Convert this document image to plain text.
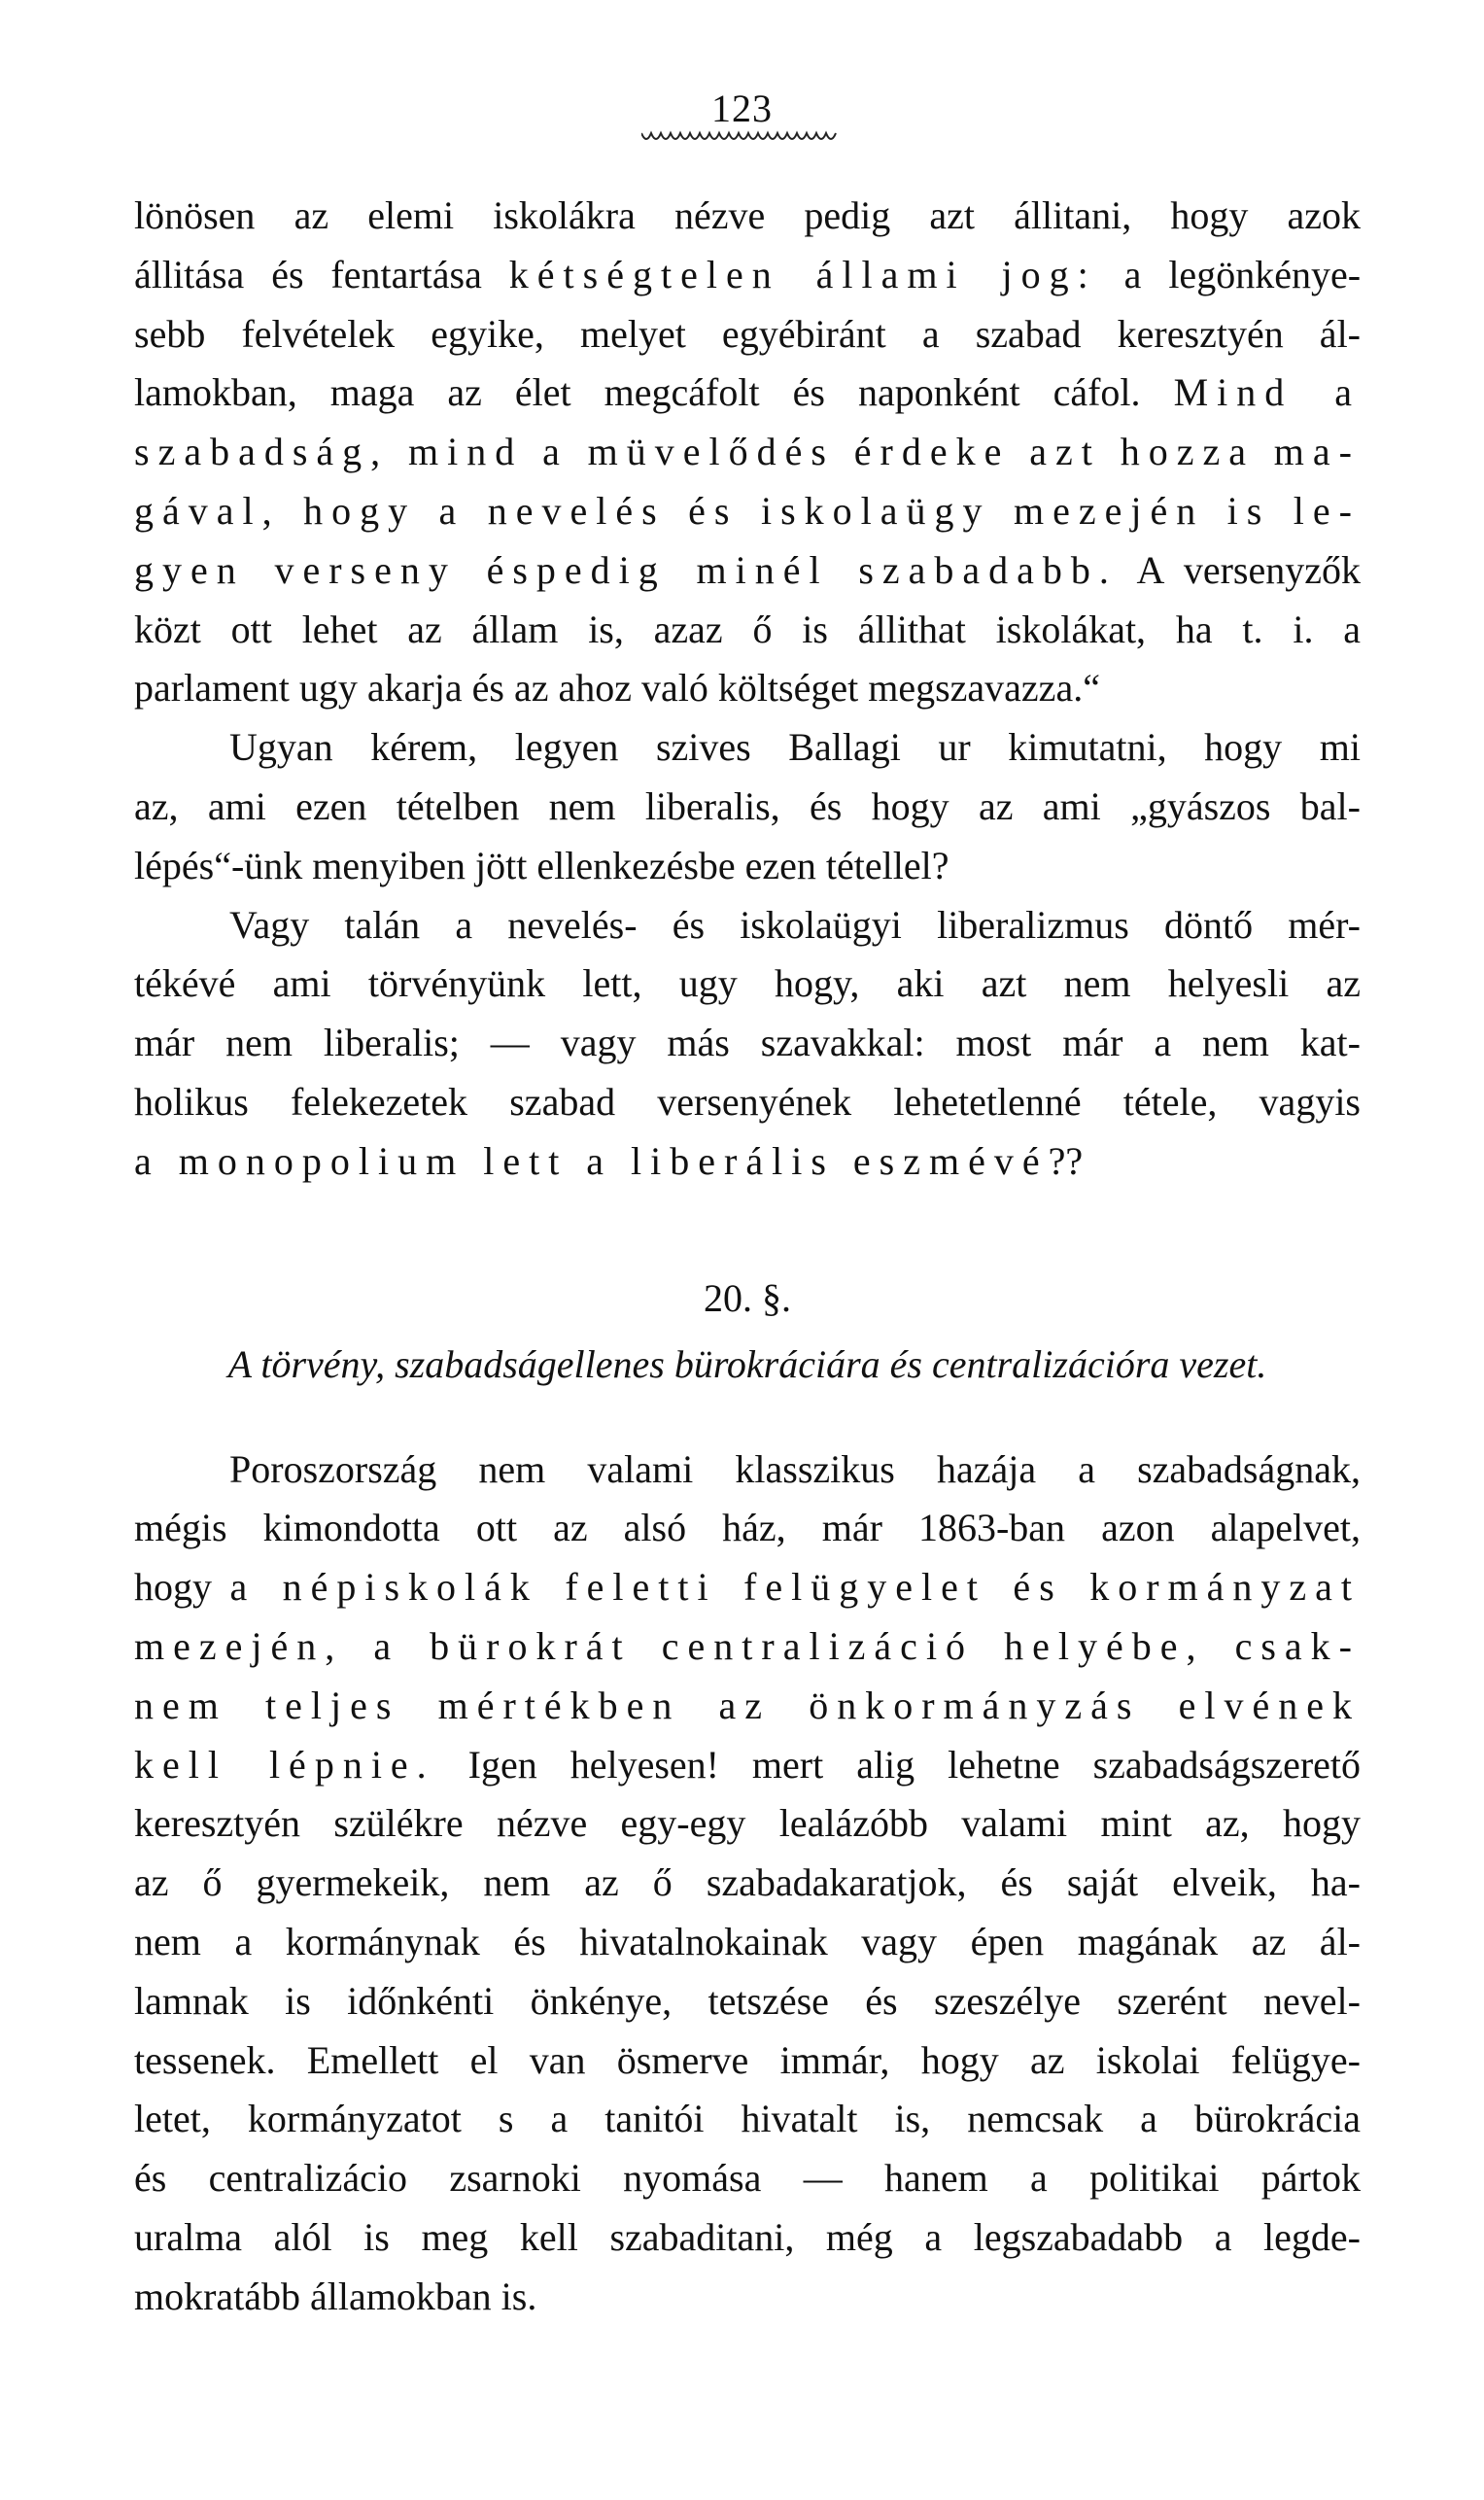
123
lönösen az elemi iskolákra nézve pedig azt állitani, hogy azok
állitása és fentartása kétségtelen állami jog: a legönkénye-
sebb felvételek egyike, melyet egyébiránt a szabad keresztyén ál-
lamokban, maga az élet megcáfolt és naponként cáfol. Mind a
szabadság, mind a müvelődés érdeke azt hozza ma-
gával, hogy a nevelés és iskolaügy mezején is le-
gyen verseny éspedig minél szabadabb. A versenyzők
közt ott lehet az állam is, azaz ő is állithat iskolákat, ha t. i. a
parlament ugy akarja és az ahoz való költséget megszavazza.“
Ugyan kérem, legyen szives Ballagi ur kimutatni, hogy mi
az, ami ezen tételben nem liberalis, és hogy az ami „gyászos bal-
lépés“-ünk menyiben jött ellenkezésbe ezen tétellel?
Vagy talán a nevelés- és iskolaügyi liberalizmus döntő mér-
tékévé ami törvényünk lett, ugy hogy, aki azt nem helyesli az
már nem liberalis; — vagy más szavakkal: most már a nem kat-
holikus felekezetek szabad versenyének lehetetlenné tétele, vagyis
a monopolium lett a liberális eszmévé??
20. §.
A törvény, szabadságellenes bürokráciára és centralizációra vezet.
Poroszország nem valami klasszikus hazája a szabadságnak,
mégis kimondotta ott az alsó ház, már 1863-ban azon alapelvet,
hogy a népiskolák feletti felügyelet és kormányzat
mezején, a bürokrát centralizáció helyébe, csak-
nem teljes mértékben az önkormányzás elvének
kell lépnie. Igen helyesen! mert alig lehetne szabadságszerető
keresztyén szülékre nézve egy-egy lealázóbb valami mint az, hogy
az ő gyermekeik, nem az ő szabadakaratjok, és saját elveik, ha-
nem a kormánynak és hivatalnokainak vagy épen magának az ál-
lamnak is időnkénti önkénye, tetszése és szeszélye szerént nevel-
tessenek. Emellett el van ösmerve immár, hogy az iskolai felügye-
letet, kormányzatot s a tanitói hivatalt is, nemcsak a bürokrácia
és centralizácio zsarnoki nyomása — hanem a politikai pártok
uralma alól is meg kell szabaditani, még a legszabadabb a legde-
mokratább államokban is.
